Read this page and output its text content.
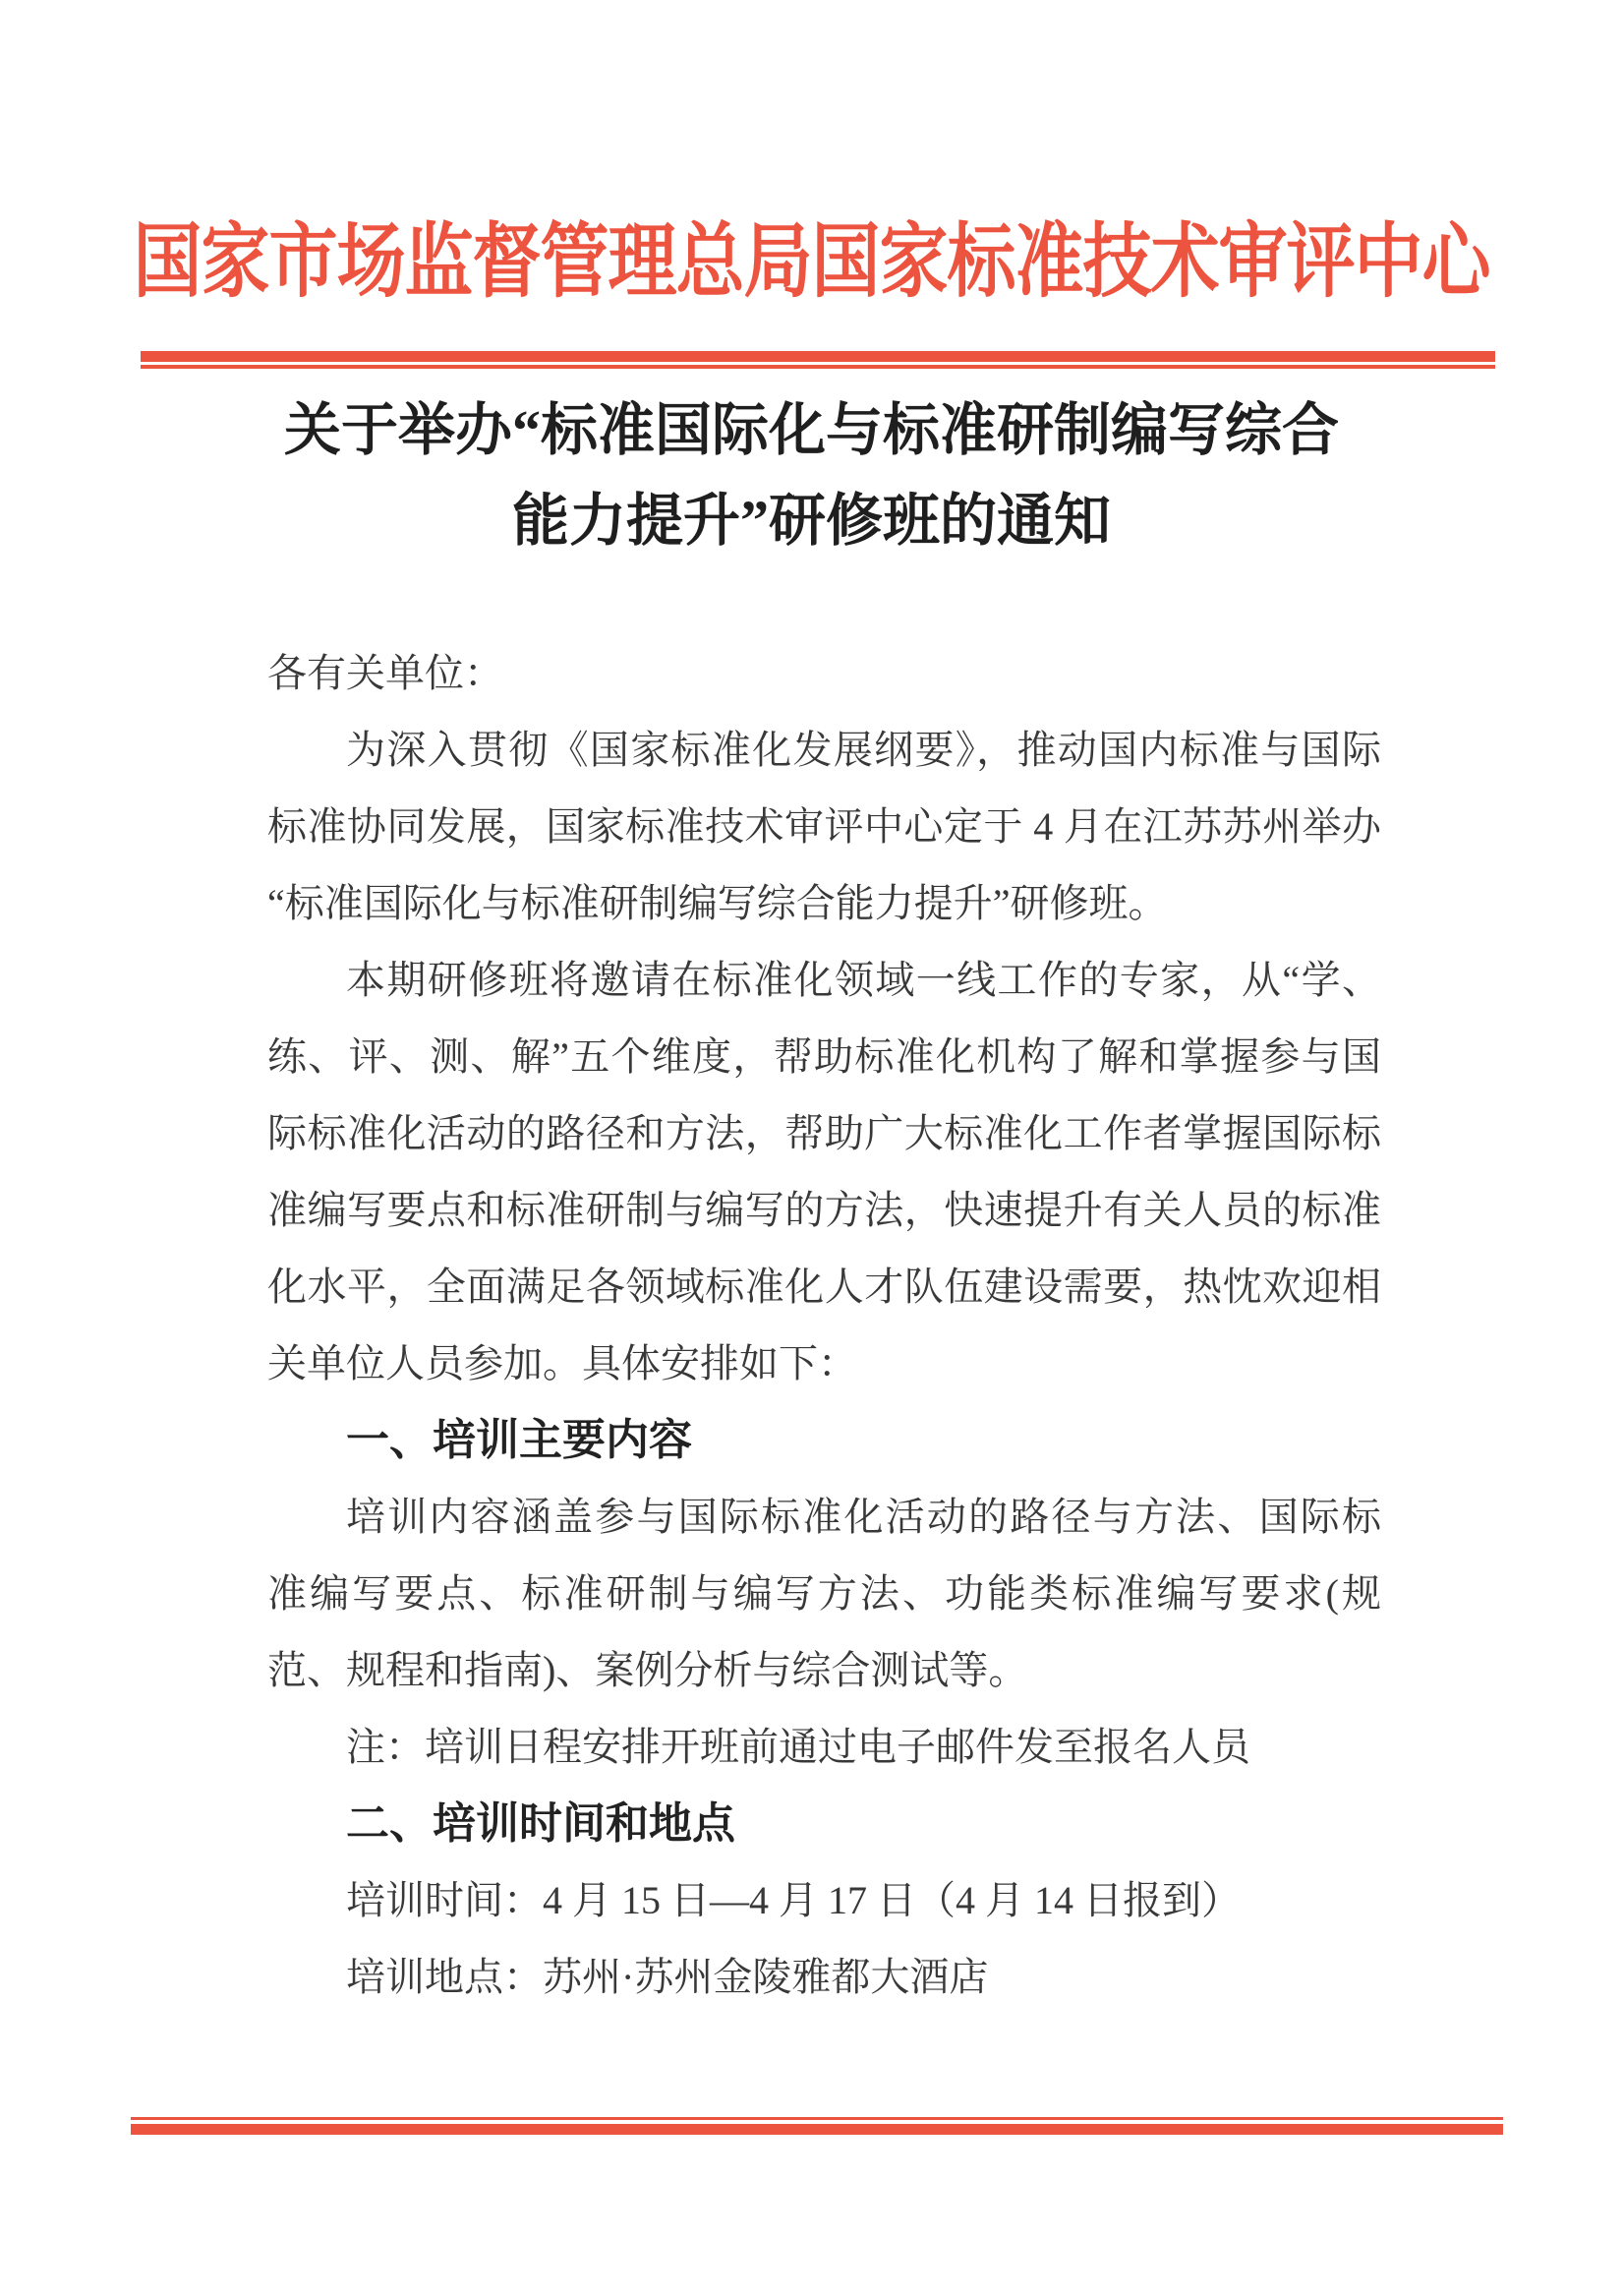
国家市场监督管理总局国家标准技术审评中心
关于举办“标准国际化与标准研制编写综合
能力提升”研修班的通知
各有关单位：
为深入贯彻《国家标准化发展纲要》，推动国内标准与国际
标准协同发展，国家标准技术审评中心定于 4 月在江苏苏州举办
“标准国际化与标准研制编写综合能力提升”研修班。
本期研修班将邀请在标准化领域一线工作的专家，从“学、
练、评、测、解”五个维度，帮助标准化机构了解和掌握参与国
际标准化活动的路径和方法，帮助广大标准化工作者掌握国际标
准编写要点和标准研制与编写的方法，快速提升有关人员的标准
化水平，全面满足各领域标准化人才队伍建设需要，热忱欢迎相
关单位人员参加。具体安排如下：
一、培训主要内容
培训内容涵盖参与国际标准化活动的路径与方法、国际标
准编写要点、标准研制与编写方法、功能类标准编写要求(规
范、规程和指南)、案例分析与综合测试等。
注：培训日程安排开班前通过电子邮件发至报名人员
二、培训时间和地点
培训时间：4 月 15 日—4 月 17 日（4 月 14 日报到）
培训地点：苏州·苏州金陵雅都大酒店
